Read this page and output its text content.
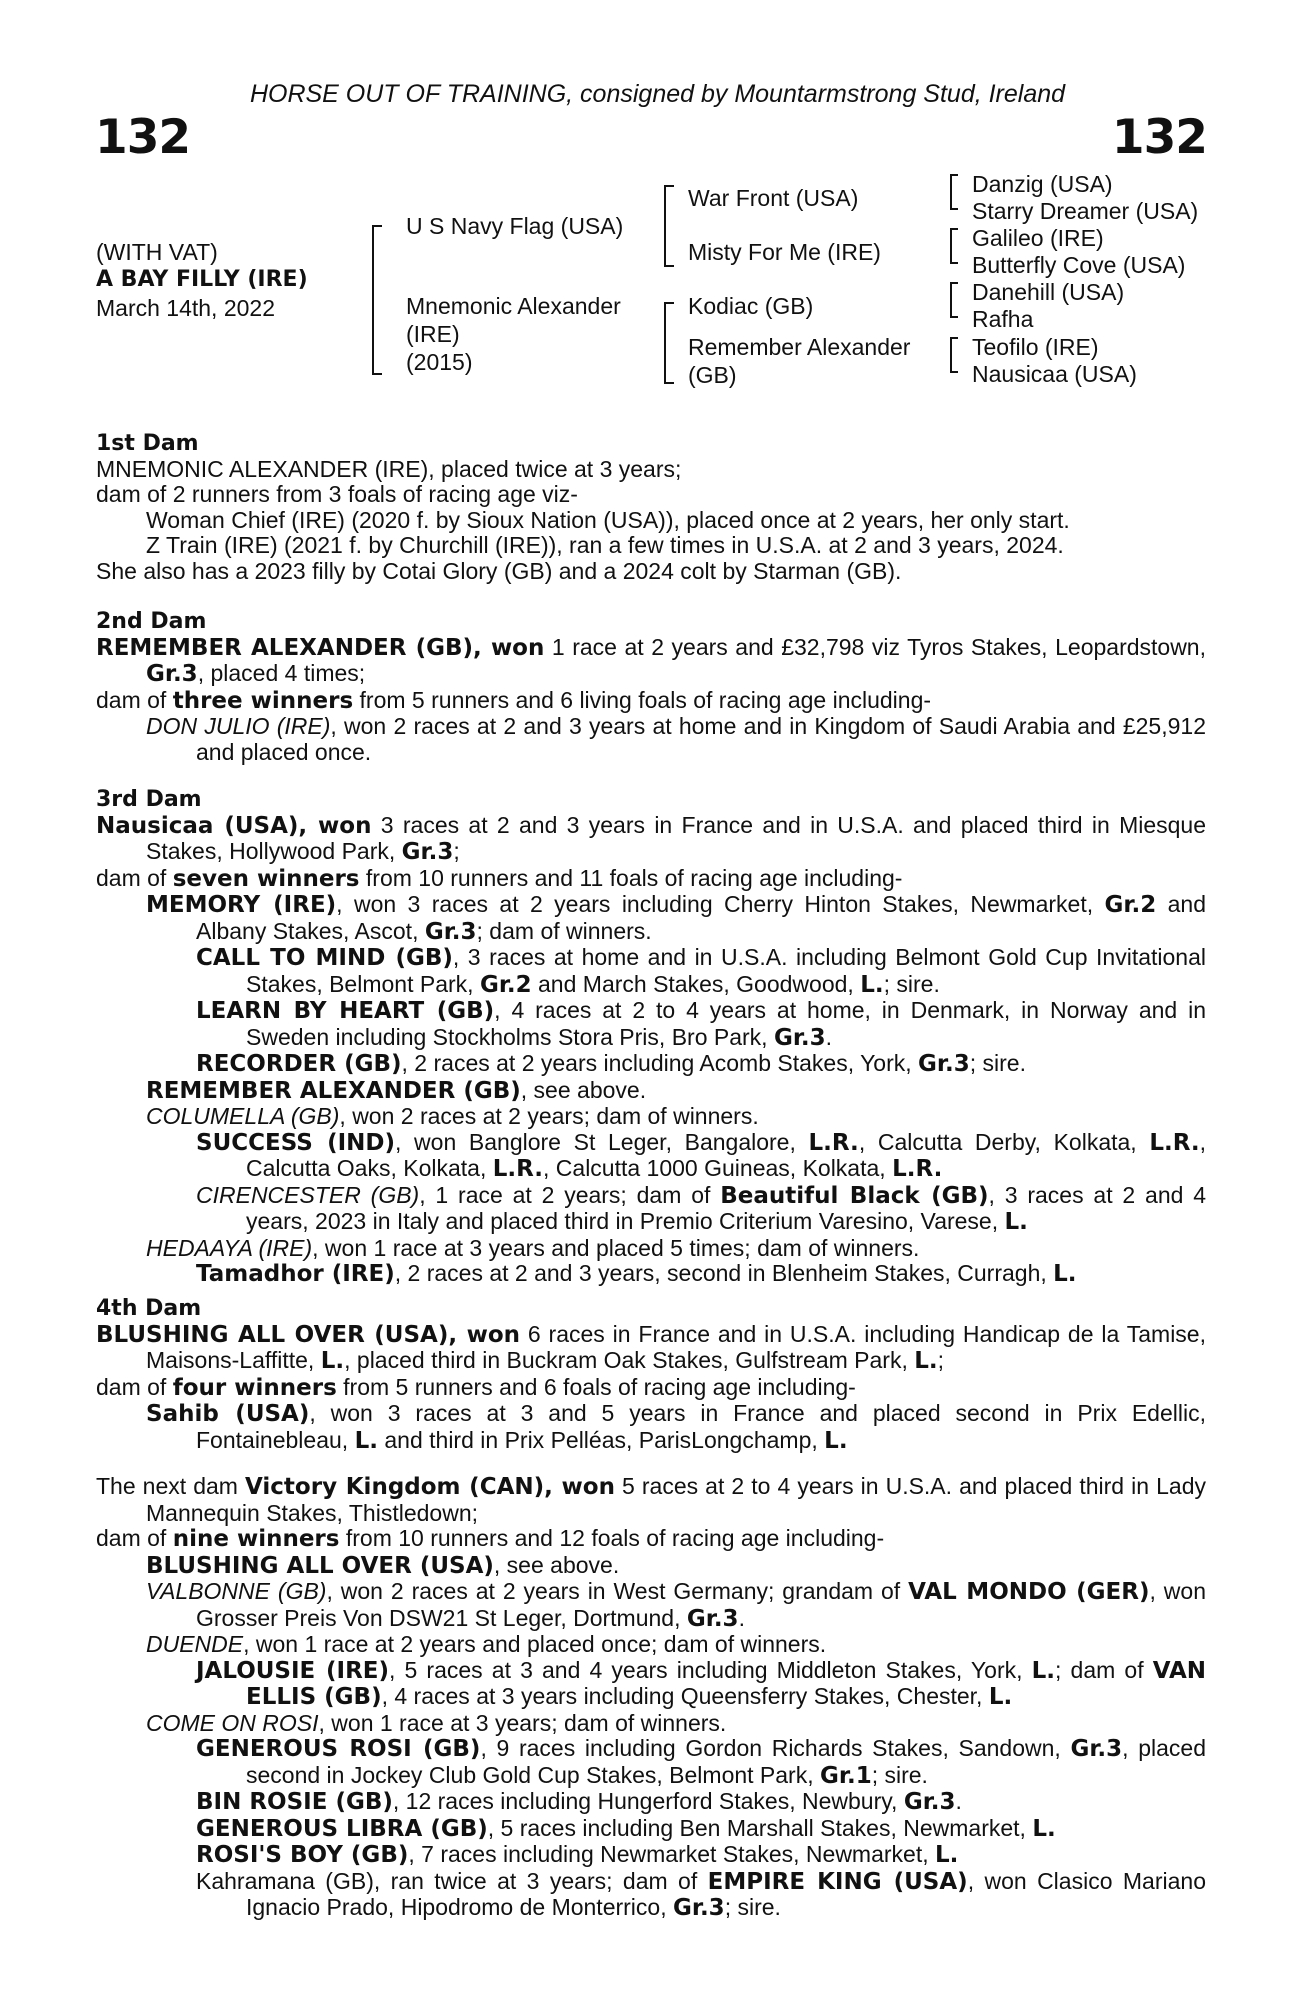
HORSE OUT OF TRAINING, consigned by Mountarmstrong Stud, Ireland
132	132
(WITH VAT)
A BAY FILLY (IRE)
March 14th, 2022
U S Navy Flag (USA)
Mnemonic Alexander
(IRE)
(2015)
War Front (USA)
Misty For Me (IRE)
Kodiac (GB)
Remember Alexander
(GB)
Danzig (USA)
Starry Dreamer (USA)
Galileo (IRE)
Butterfly Cove (USA)
Danehill (USA)
Rafha
Teofilo (IRE)
Nausicaa (USA)

1st Dam

MNEMONIC ALEXANDER (IRE), placed twice at 3 years;

dam of 2 runners from 3 foals of racing age viz-

Woman Chief (IRE) (2020 f. by Sioux Nation (USA)), placed once at 2 years, her only start.

Z Train (IRE) (2021 f. by Churchill (IRE)), ran a few times in U.S.A. at 2 and 3 years, 2024.

She also has a 2023 filly by Cotai Glory (GB) and a 2024 colt by Starman (GB).

2nd Dam

REMEMBER ALEXANDER (GB), won 1 race at 2 years and £32,798 viz Tyros Stakes, Leopardstown, Gr.3, placed 4 times;

dam of three winners from 5 runners and 6 living foals of racing age including-

DON JULIO (IRE), won 2 races at 2 and 3 years at home and in Kingdom of Saudi Arabia and £25,912 and placed once.

3rd Dam

Nausicaa (USA), won 3 races at 2 and 3 years in France and in U.S.A. and placed third in Miesque Stakes, Hollywood Park, Gr.3;

dam of seven winners from 10 runners and 11 foals of racing age including-

MEMORY (IRE), won 3 races at 2 years including Cherry Hinton Stakes, Newmarket, Gr.2 and Albany Stakes, Ascot, Gr.3; dam of winners.

CALL TO MIND (GB), 3 races at home and in U.S.A. including Belmont Gold Cup Invitational Stakes, Belmont Park, Gr.2 and March Stakes, Goodwood, L.; sire.

LEARN BY HEART (GB), 4 races at 2 to 4 years at home, in Denmark, in Norway and in Sweden including Stockholms Stora Pris, Bro Park, Gr.3.

RECORDER (GB), 2 races at 2 years including Acomb Stakes, York, Gr.3; sire.

REMEMBER ALEXANDER (GB), see above.

COLUMELLA (GB), won 2 races at 2 years; dam of winners.

SUCCESS (IND), won Banglore St Leger, Bangalore, L.R., Calcutta Derby, Kolkata, L.R., Calcutta Oaks, Kolkata, L.R., Calcutta 1000 Guineas, Kolkata, L.R.

CIRENCESTER (GB), 1 race at 2 years; dam of Beautiful Black (GB), 3 races at 2 and 4 years, 2023 in Italy and placed third in Premio Criterium Varesino, Varese, L.

HEDAAYA (IRE), won 1 race at 3 years and placed 5 times; dam of winners.

Tamadhor (IRE), 2 races at 2 and 3 years, second in Blenheim Stakes, Curragh, L.

4th Dam

BLUSHING ALL OVER (USA), won 6 races in France and in U.S.A. including Handicap de la Tamise, Maisons-Laffitte, L., placed third in Buckram Oak Stakes, Gulfstream Park, L.;

dam of four winners from 5 runners and 6 foals of racing age including-

Sahib (USA), won 3 races at 3 and 5 years in France and placed second in Prix Edellic, Fontainebleau, L. and third in Prix Pelléas, ParisLongchamp, L.

The next dam Victory Kingdom (CAN), won 5 races at 2 to 4 years in U.S.A. and placed third in Lady Mannequin Stakes, Thistledown;

dam of nine winners from 10 runners and 12 foals of racing age including-

BLUSHING ALL OVER (USA), see above.

VALBONNE (GB), won 2 races at 2 years in West Germany; grandam of VAL MONDO (GER), won Grosser Preis Von DSW21 St Leger, Dortmund, Gr.3.

DUENDE, won 1 race at 2 years and placed once; dam of winners.

JALOUSIE (IRE), 5 races at 3 and 4 years including Middleton Stakes, York, L.; dam of VAN ELLIS (GB), 4 races at 3 years including Queensferry Stakes, Chester, L.

COME ON ROSI, won 1 race at 3 years; dam of winners.

GENEROUS ROSI (GB), 9 races including Gordon Richards Stakes, Sandown, Gr.3, placed second in Jockey Club Gold Cup Stakes, Belmont Park, Gr.1; sire.

BIN ROSIE (GB), 12 races including Hungerford Stakes, Newbury, Gr.3.

GENEROUS LIBRA (GB), 5 races including Ben Marshall Stakes, Newmarket, L.

ROSI'S BOY (GB), 7 races including Newmarket Stakes, Newmarket, L.

Kahramana (GB), ran twice at 3 years; dam of EMPIRE KING (USA), won Clasico Mariano Ignacio Prado, Hipodromo de Monterrico, Gr.3; sire.
